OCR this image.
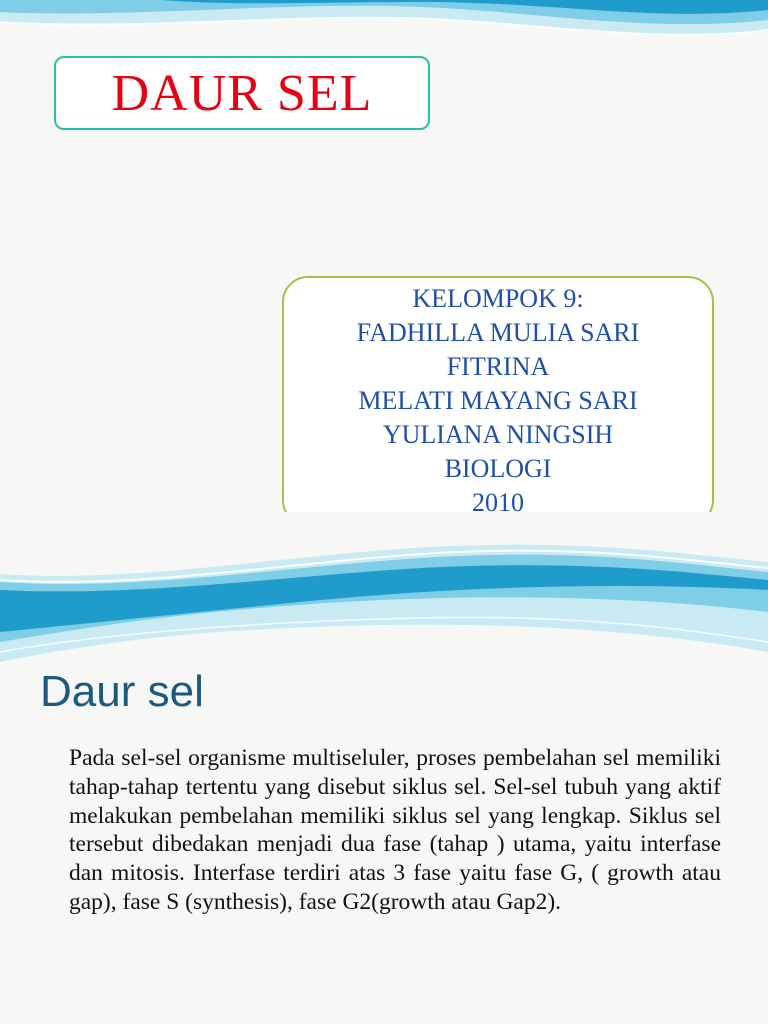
DAUR SEL
KELOMPOK 9:
FADHILLA MULIA SARI
FITRINA
MELATI MAYANG SARI
YULIANA NINGSIH
BIOLOGI
2010
Daur sel
Pada sel-sel organisme multiseluler, proses pembelahan sel memiliki tahap-tahap tertentu yang disebut siklus sel. Sel-sel tubuh yang aktif melakukan pembelahan memiliki siklus sel yang lengkap. Siklus sel tersebut dibedakan menjadi dua fase (tahap ) utama, yaitu interfase dan mitosis. Interfase terdiri atas 3 fase yaitu fase G, ( growth atau gap), fase S (synthesis), fase G2(growth atau Gap2).
